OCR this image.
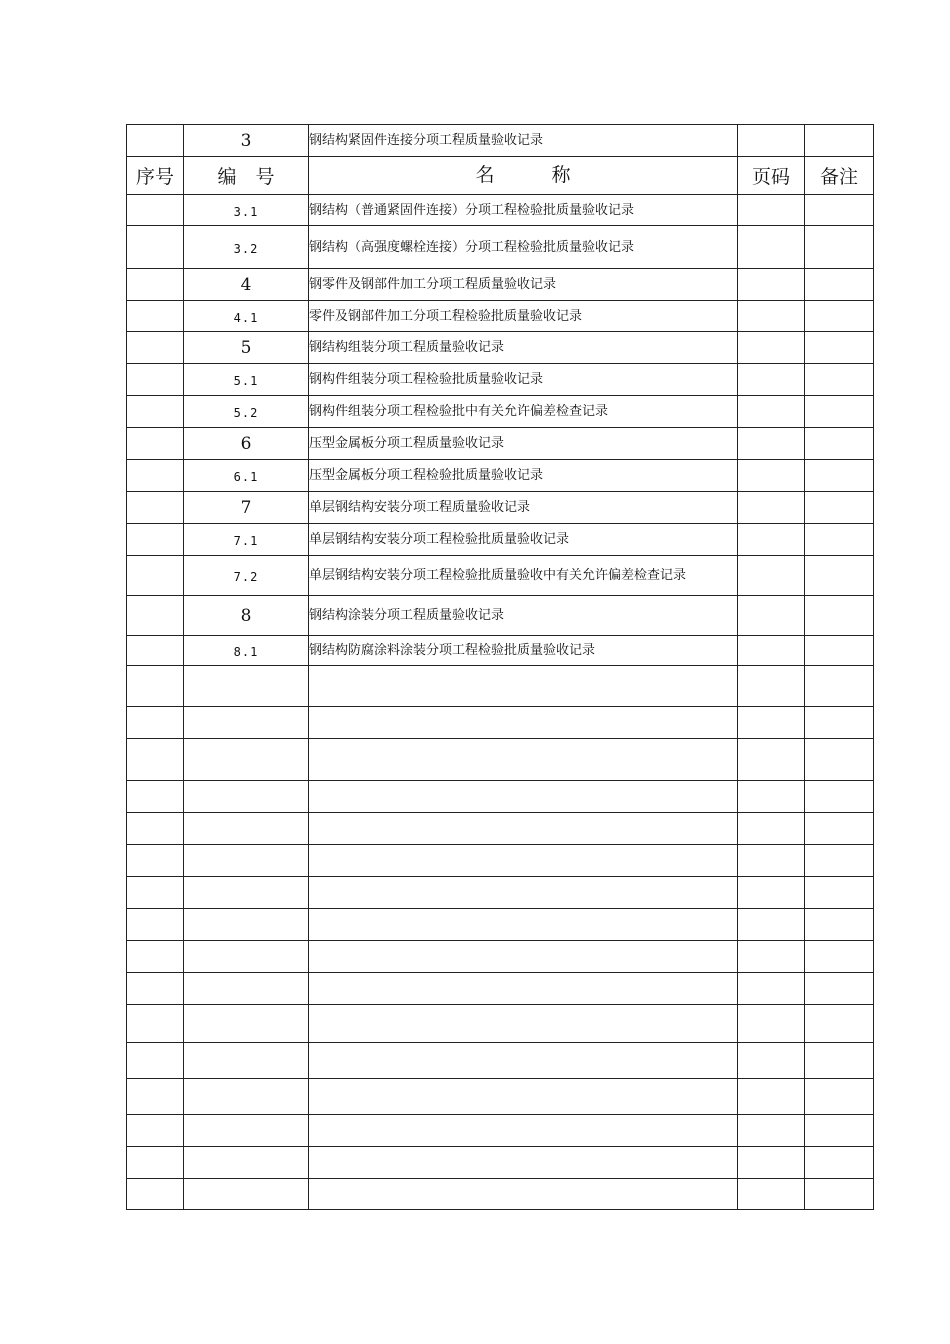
	3	钢结构紧固件连接分项工程质量验收记录		
序号	编　号	名　　　称	页码	备注
	3.1	钢结构（普通紧固件连接）分项工程检验批质量验收记录		

	3.2	钢结构（高强度螺栓连接）分项工程检验批质量验收记录		

	4	钢零件及钢部件加工分项工程质量验收记录		

	4.1	零件及钢部件加工分项工程检验批质量验收记录		

	5	钢结构组装分项工程质量验收记录		

	5.1	钢构件组装分项工程检验批质量验收记录		

	5.2	钢构件组装分项工程检验批中有关允许偏差检查记录		

	6	压型金属板分项工程质量验收记录		

	6.1	压型金属板分项工程检验批质量验收记录		

	7	单层钢结构安装分项工程质量验收记录		

	7.1	单层钢结构安装分项工程检验批质量验收记录		

	7.2	单层钢结构安装分项工程检验批质量验收中有关允许偏差检查记录		

	8	钢结构涂装分项工程质量验收记录		

	8.1	钢结构防腐涂料涂装分项工程检验批质量验收记录		
